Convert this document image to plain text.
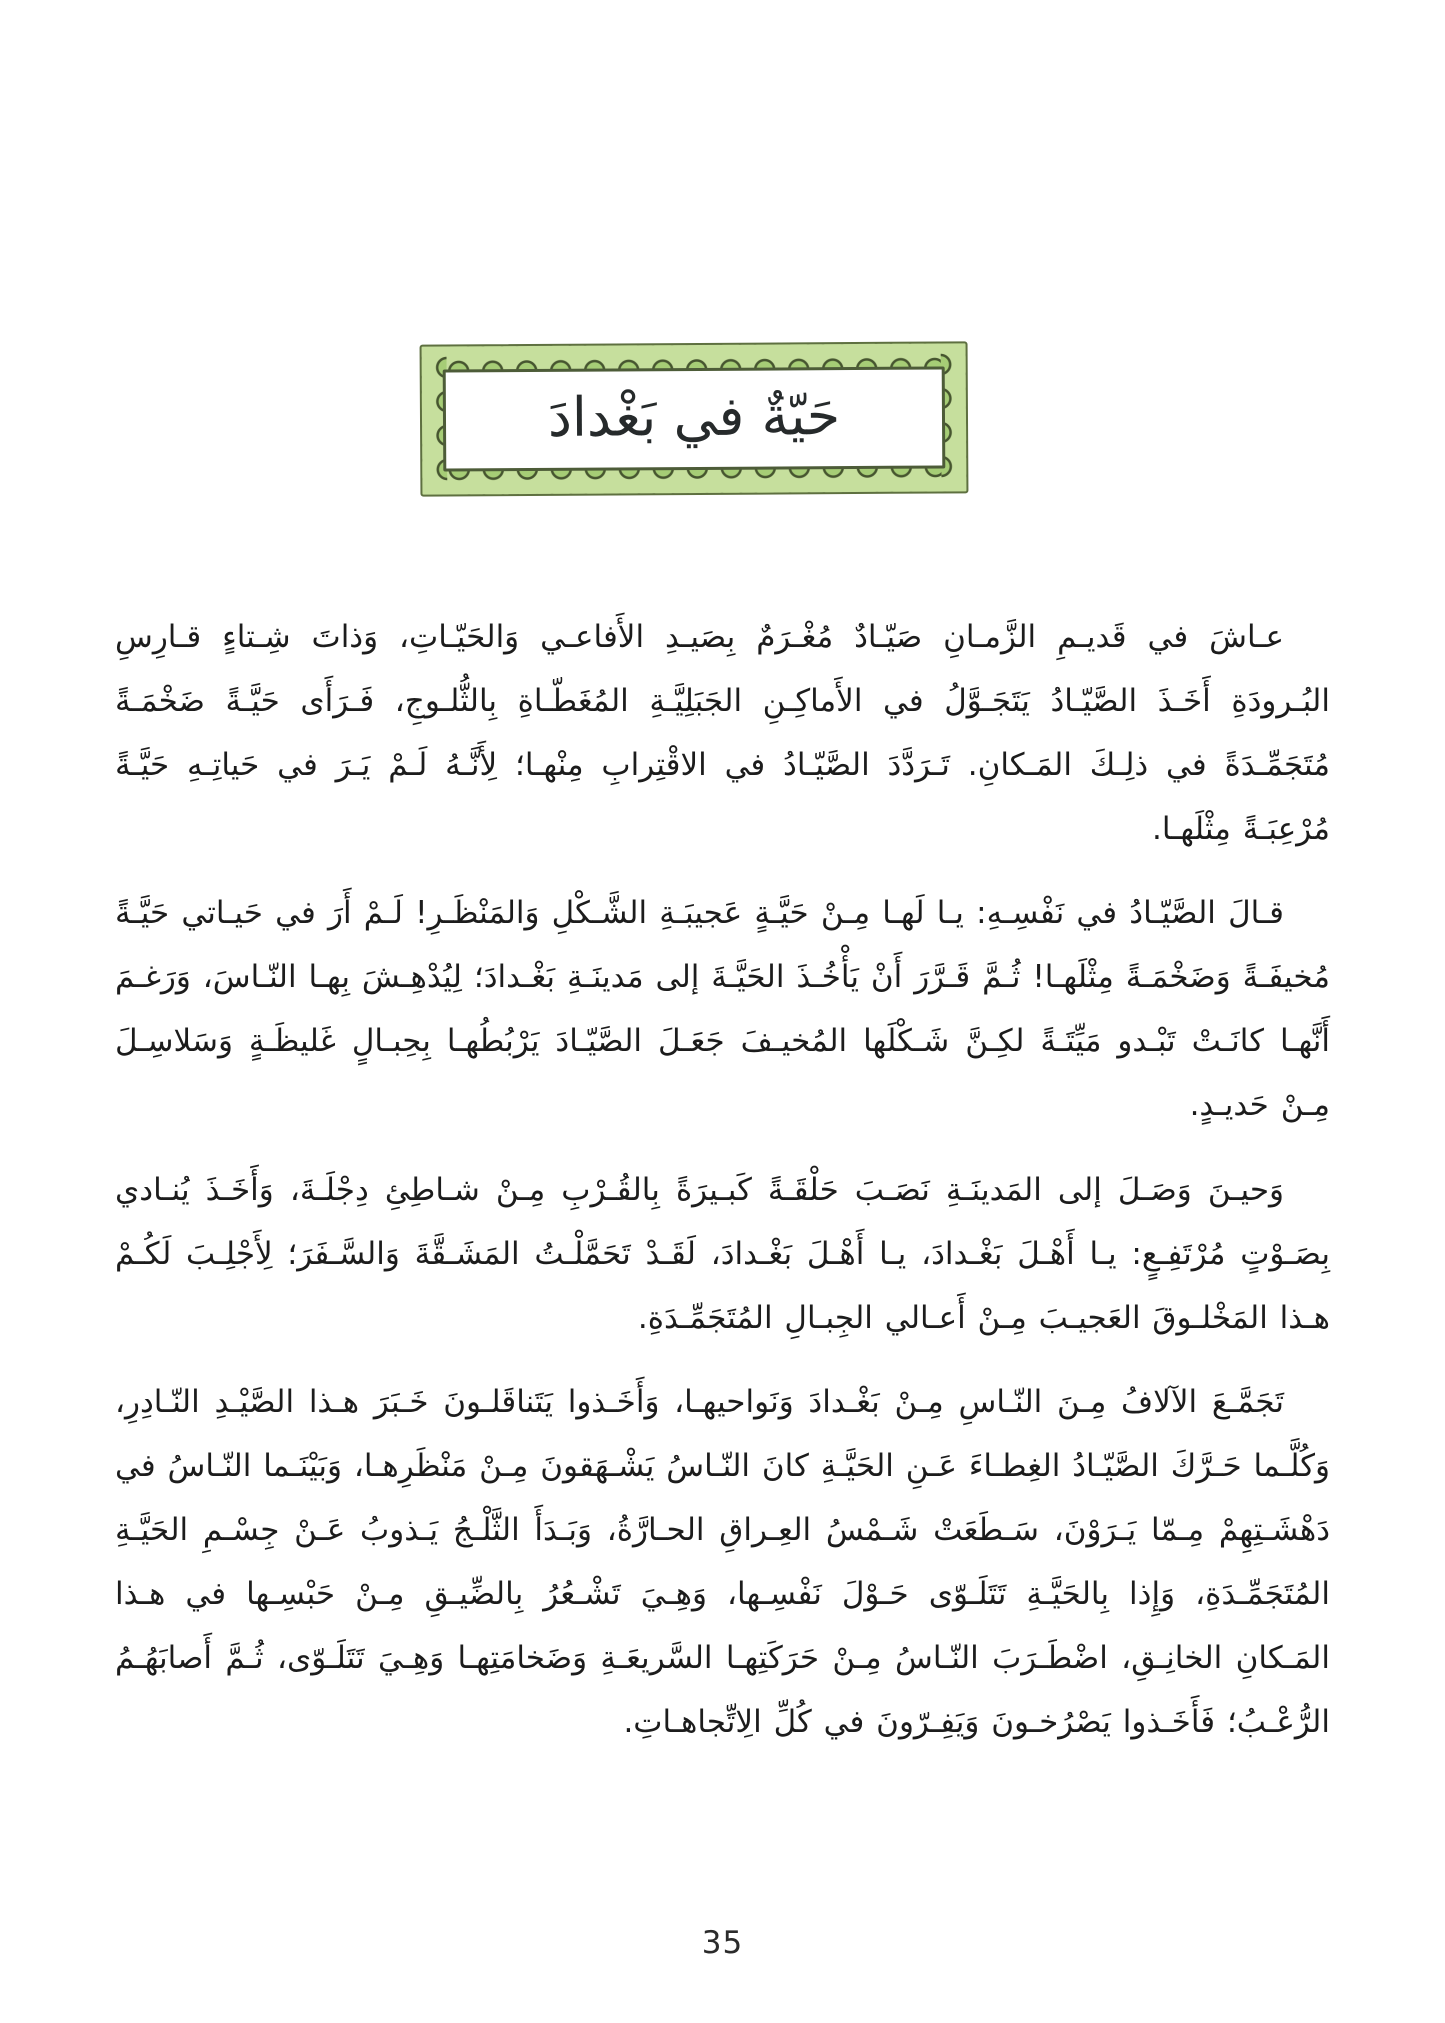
حَيّةٌ في بَغْدادَ

عـاشَ في قَديـمِ الزَّمـانِ صَيّـادٌ مُغْـرَمٌ بِصَيـدِ الأَفاعـي وَالحَيّـاتِ، وَذاتَ شِـتاءٍ قـارِسِ البُـرودَةِ أَخَـذَ الصَّيّـادُ يَتَجَـوَّلُ في الأَماكِـنِ الجَبَلِيَّـةِ المُغَطّـاةِ بِالثُّلـوجِ، فَـرَأَى حَيَّـةً ضَخْمَـةً مُتَجَمِّـدَةً في ذلِـكَ المَـكانِ. تَـرَدَّدَ الصَّيّـادُ في الاقْتِرابِ مِنْهـا؛ لِأَنَّـهُ لَـمْ يَـرَ في حَياتِـهِ حَيَّـةً مُرْعِبَـةً مِثْلَهـا.

قـالَ الصَّيّـادُ في نَفْسِـهِ: يـا لَهـا مِـنْ حَيَّـةٍ عَجيبَـةِ الشَّـكْلِ وَالمَنْظَـرِ! لَـمْ أَرَ في حَيـاتي حَيَّـةً مُخيفَـةً وَضَخْمَـةً مِثْلَهـا! ثُـمَّ قَـرَّرَ أَنْ يَأْخُـذَ الحَيَّـةَ إلى مَدينَـةِ بَغْـدادَ؛ لِيُدْهِـشَ بِهـا النّـاسَ، وَرَغـمَ أَنَّهـا كانَـتْ تَبْـدو مَيِّتَـةً لكِـنَّ شَـكْلَها المُخيـفَ جَعَـلَ الصَّيّـادَ يَرْبُطُهـا بِحِبـالٍ غَليظَـةٍ وَسَلاسِـلَ مِـنْ حَديـدٍ.

وَحيـنَ وَصَـلَ إلى المَدينَـةِ نَصَـبَ حَلْقَـةً كَبـيرَةً بِالقُـرْبِ مِـنْ شـاطِئِ دِجْلَـةَ، وَأَخَـذَ يُنـادي بِصَـوْتٍ مُرْتَفِـعٍ: يـا أَهْـلَ بَغْـدادَ، يـا أَهْـلَ بَغْـدادَ، لَقَـدْ تَحَمَّلْـتُ المَشَـقَّةَ وَالسَّـفَرَ؛ لِأَجْلِـبَ لَكُـمْ هـذا المَخْلـوقَ العَجيـبَ مِـنْ أَعـالي الجِبـالِ المُتَجَمِّـدَةِ.

تَجَمَّـعَ الآلافُ مِـنَ النّـاسِ مِـنْ بَغْـدادَ وَنَواحيهـا، وَأَخَـذوا يَتَناقَلـونَ خَـبَرَ هـذا الصَّيْـدِ النّـادِرِ، وَكُلَّـما حَـرَّكَ الصَّيّـادُ الغِطـاءَ عَـنِ الحَيَّـةِ كانَ النّـاسُ يَشْـهَقونَ مِـنْ مَنْظَرِهـا، وَبَيْنَـما النّـاسُ في دَهْشَـتِهِمْ مِـمّا يَـرَوْنَ، سَـطَعَتْ شَـمْسُ العِـراقِ الحـارَّةُ، وَبَـدَأَ الثَّلْـجُ يَـذوبُ عَـنْ جِسْـمِ الحَيَّـةِ المُتَجَمِّـدَةِ، وَإِذا بِالحَيَّـةِ تَتَلَـوّى حَـوْلَ نَفْسِـها، وَهِـيَ تَشْـعُرُ بِالضِّيـقِ مِـنْ حَبْسِـها في هـذا المَـكانِ الخانِـقِ، اضْطَـرَبَ النّـاسُ مِـنْ حَرَكَتِهـا السَّريعَـةِ وَضَخامَتِهـا وَهِـيَ تَتَلَـوّى، ثُـمَّ أَصابَهُـمُ الرُّعْـبُ؛ فَأَخَـذوا يَصْرُخـونَ وَيَفِـرّونَ في كُلِّ الِاتِّجاهـاتِ.

35
